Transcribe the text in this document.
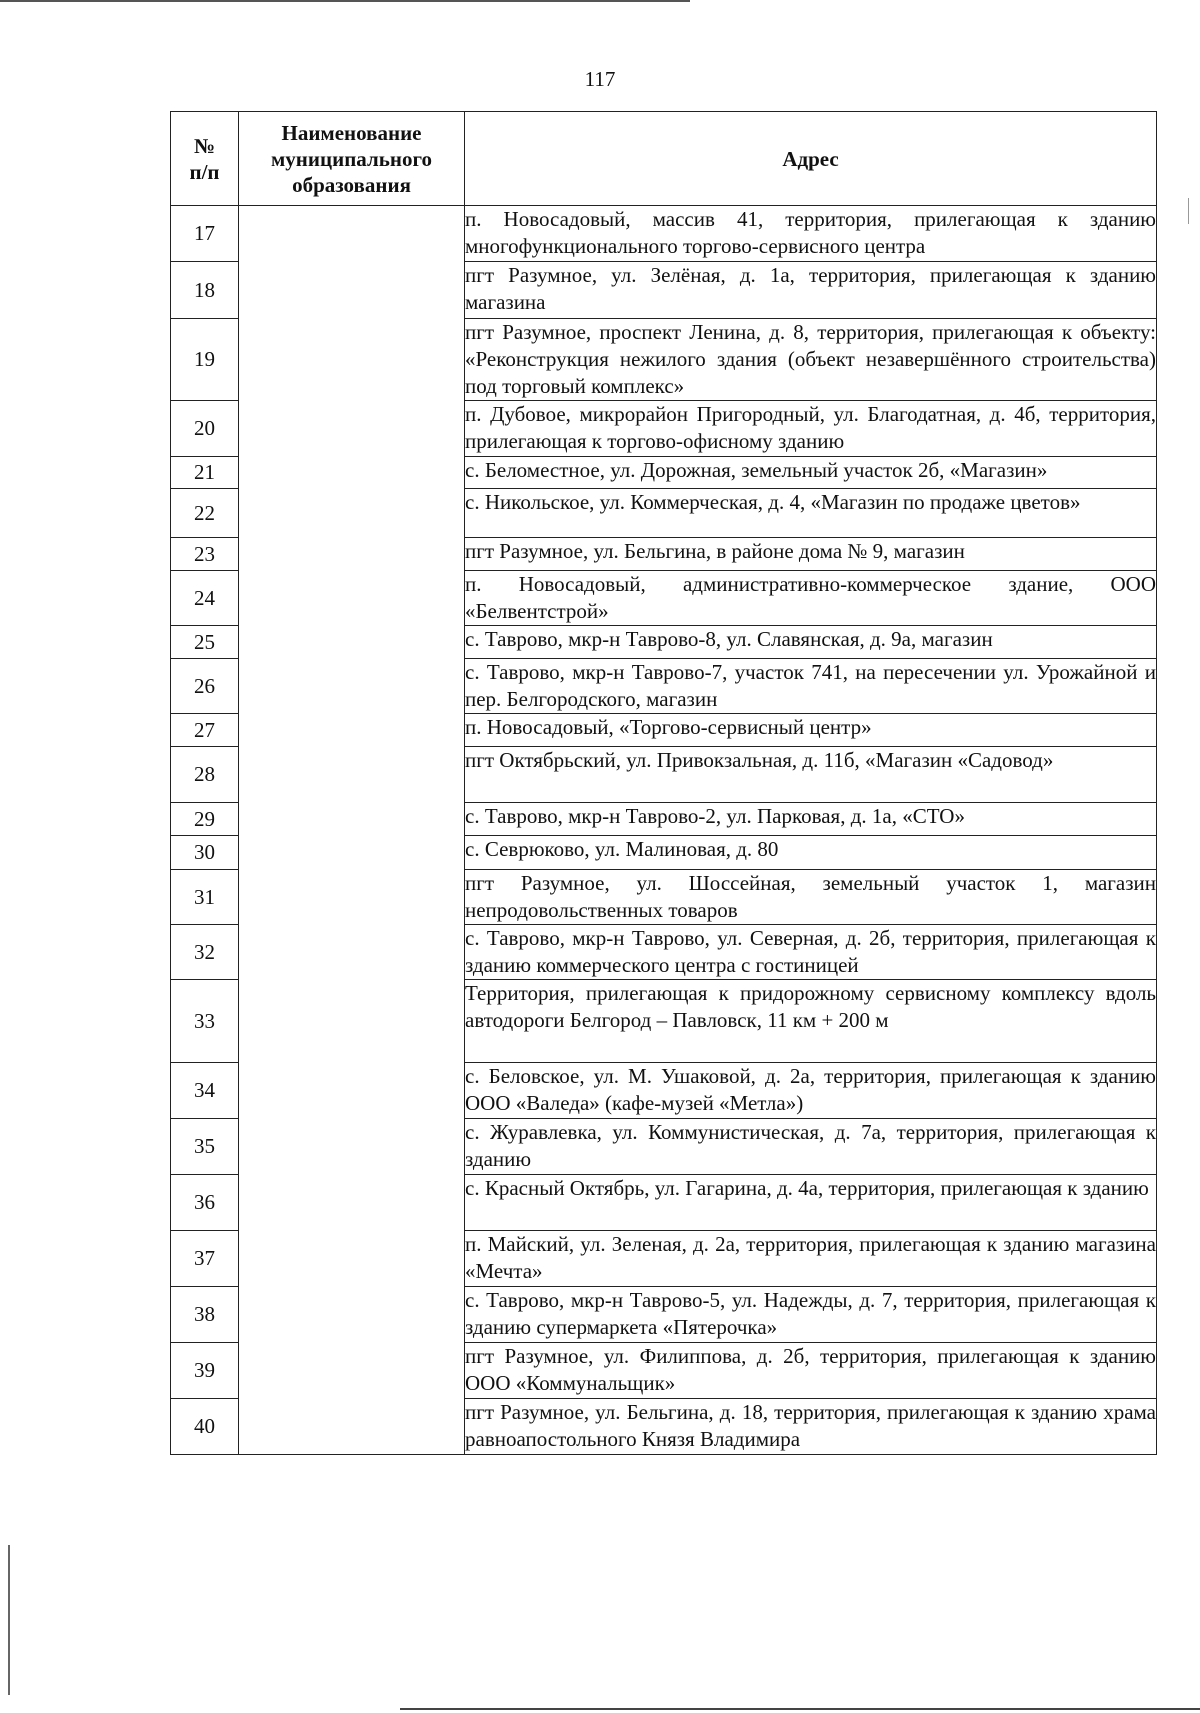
117
№ п/п	Наименование муниципального образования	Адрес
17		п. Новосадовый, массив 41, территория, прилегающая к зданию многофункционального торгово-сервисного центра
18		пгт Разумное, ул. Зелёная, д. 1а, территория, прилегающая к зданию магазина
19		пгт Разумное, проспект Ленина, д. 8, территория, прилегающая к объекту: «Реконструкция нежилого здания (объект незавершённого строительства) под торговый комплекс»
20		п. Дубовое, микрорайон Пригородный, ул. Благодатная, д. 4б, территория, прилегающая к торгово-офисному зданию
21		с. Беломестное, ул. Дорожная, земельный участок 2б, «Магазин»
22		с. Никольское, ул. Коммерческая, д. 4, «Магазин по продаже цветов»
23		пгт Разумное, ул. Бельгина, в районе дома № 9, магазин
24		п. Новосадовый, административно-коммерческое здание, ООО «Белвентстрой»
25		с. Таврово, мкр-н Таврово-8, ул. Славянская, д. 9а, магазин
26		с. Таврово, мкр-н Таврово-7, участок 741, на пересечении ул. Урожайной и пер. Белгородского, магазин
27		п. Новосадовый, «Торгово-сервисный центр»
28		пгт Октябрьский, ул. Привокзальная, д. 11б, «Магазин «Садовод»
29		с. Таврово, мкр-н Таврово-2, ул. Парковая, д. 1а, «СТО»
30		с. Севрюково, ул. Малиновая, д. 80
31		пгт Разумное, ул. Шоссейная, земельный участок 1, магазин непродовольственных товаров
32		с. Таврово, мкр-н Таврово, ул. Северная, д. 2б, территория, прилегающая к зданию коммерческого центра с гостиницей
33		Территория, прилегающая к придорожному сервисному комплексу вдоль автодороги Белгород – Павловск, 11 км + 200 м
34		с. Беловское, ул. М. Ушаковой, д. 2а, территория, прилегающая к зданию ООО «Валеда» (кафе-музей «Метла»)
35		с. Журавлевка, ул. Коммунистическая, д. 7а, территория, прилегающая к зданию
36		с. Красный Октябрь, ул. Гагарина, д. 4а, территория, прилегающая к зданию
37		п. Майский, ул. Зеленая, д. 2а, территория, прилегающая к зданию магазина «Мечта»
38		с. Таврово, мкр-н Таврово-5, ул. Надежды, д. 7, территория, прилегающая к зданию супермаркета «Пятерочка»
39		пгт Разумное, ул. Филиппова, д. 2б, территория, прилегающая к зданию ООО «Коммунальщик»
40		пгт Разумное, ул. Бельгина, д. 18, территория, прилегающая к зданию храма равноапостольного Князя Владимира
